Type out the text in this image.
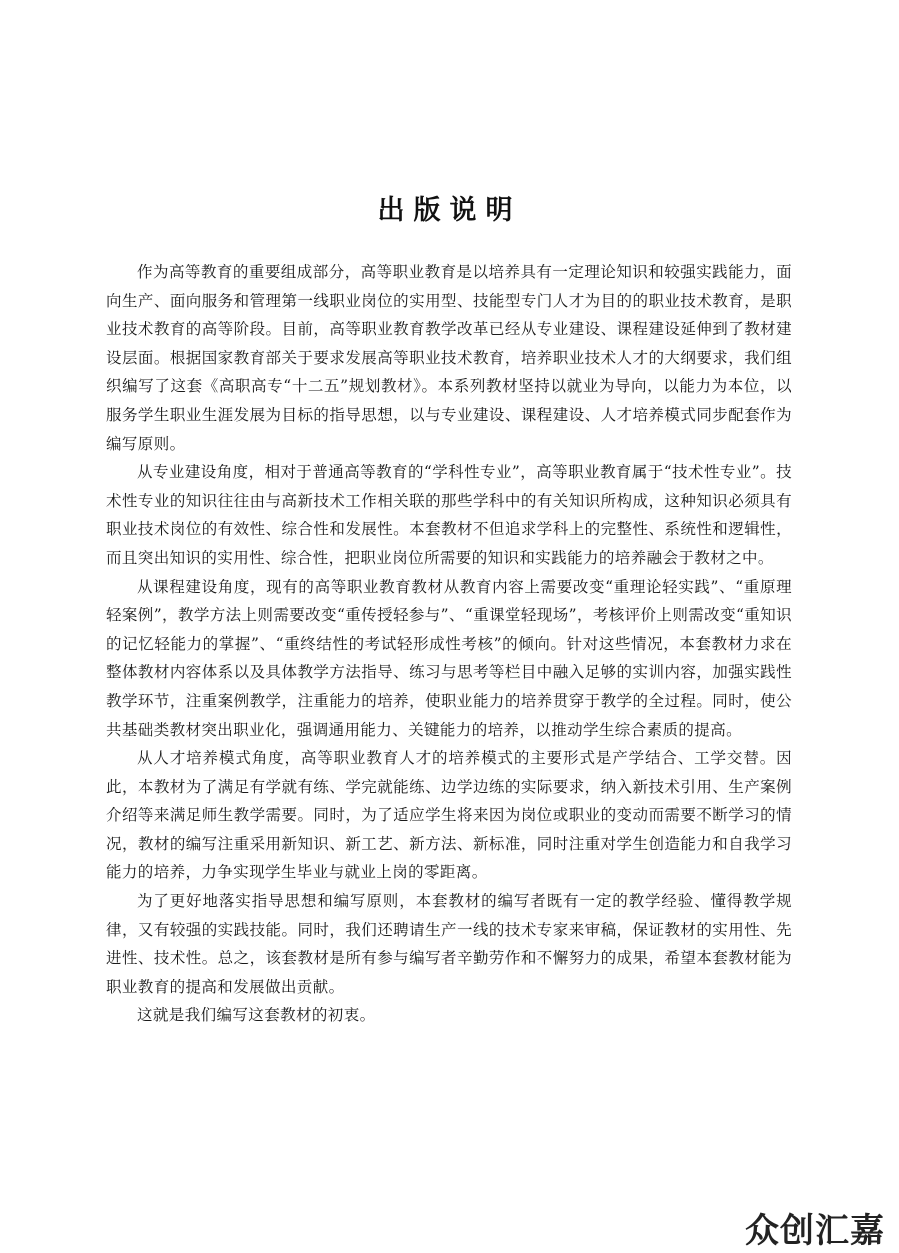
出版说明

作为高等教育的重要组成部分，高等职业教育是以培养具有一定理论知识和较强实践能力，面向生产、面向服务和管理第一线职业岗位的实用型、技能型专门人才为目的的职业技术教育，是职业技术教育的高等阶段。目前，高等职业教育教学改革已经从专业建设、课程建设延伸到了教材建设层面。根据国家教育部关于要求发展高等职业技术教育，培养职业技术人才的大纲要求，我们组织编写了这套《高职高专“十二五”规划教材》。本系列教材坚持以就业为导向，以能力为本位，以服务学生职业生涯发展为目标的指导思想，以与专业建设、课程建设、人才培养模式同步配套作为编写原则。

从专业建设角度，相对于普通高等教育的“学科性专业”，高等职业教育属于“技术性专业”。技术性专业的知识往往由与高新技术工作相关联的那些学科中的有关知识所构成，这种知识必须具有职业技术岗位的有效性、综合性和发展性。本套教材不但追求学科上的完整性、系统性和逻辑性，而且突出知识的实用性、综合性，把职业岗位所需要的知识和实践能力的培养融会于教材之中。

从课程建设角度，现有的高等职业教育教材从教育内容上需要改变“重理论轻实践”、“重原理轻案例”，教学方法上则需要改变“重传授轻参与”、“重课堂轻现场”，考核评价上则需改变“重知识的记忆轻能力的掌握”、“重终结性的考试轻形成性考核”的倾向。针对这些情况，本套教材力求在整体教材内容体系以及具体教学方法指导、练习与思考等栏目中融入足够的实训内容，加强实践性教学环节，注重案例教学，注重能力的培养，使职业能力的培养贯穿于教学的全过程。同时，使公共基础类教材突出职业化，强调通用能力、关键能力的培养，以推动学生综合素质的提高。

从人才培养模式角度，高等职业教育人才的培养模式的主要形式是产学结合、工学交替。因此，本教材为了满足有学就有练、学完就能练、边学边练的实际要求，纳入新技术引用、生产案例介绍等来满足师生教学需要。同时，为了适应学生将来因为岗位或职业的变动而需要不断学习的情况，教材的编写注重采用新知识、新工艺、新方法、新标准，同时注重对学生创造能力和自我学习能力的培养，力争实现学生毕业与就业上岗的零距离。

为了更好地落实指导思想和编写原则，本套教材的编写者既有一定的教学经验、懂得教学规律，又有较强的实践技能。同时，我们还聘请生产一线的技术专家来审稿，保证教材的实用性、先进性、技术性。总之，该套教材是所有参与编写者辛勤劳作和不懈努力的成果，希望本套教材能为职业教育的提高和发展做出贡献。

这就是我们编写这套教材的初衷。

众创汇嘉
